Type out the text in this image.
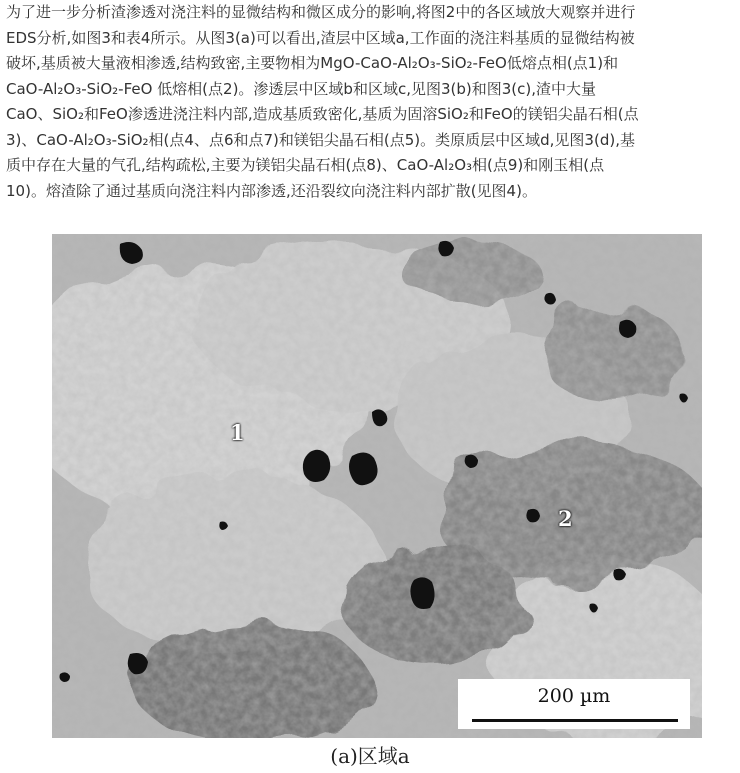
为了进一步分析渣渗透对浇注料的显微结构和微区成分的影响,将图2中的各区域放大观察并进行
EDS分析,如图3和表4所示。从图3(a)可以看出,渣层中区域a,工作面的浇注料基质的显微结构被
破坏,基质被大量液相渗透,结构致密,主要物相为MgO-CaO-Al₂O₃-SiO₂-FeO低熔点相(点1)和
CaO-Al₂O₃-SiO₂-FeO 低熔相(点2)。渗透层中区域b和区域c,见图3(b)和图3(c),渣中大量
CaO、SiO₂和FeO渗透进浇注料内部,造成基质致密化,基质为固溶SiO₂和FeO的镁铝尖晶石相(点
3)、CaO-Al₂O₃-SiO₂相(点4、点6和点7)和镁铝尖晶石相(点5)。类原质层中区域d,见图3(d),基
质中存在大量的气孔,结构疏松,主要为镁铝尖晶石相(点8)、CaO-Al₂O₃相(点9)和刚玉相(点
10)。熔渣除了通过基质向浇注料内部渗透,还沿裂纹向浇注料内部扩散(见图4)。
1
2
200 µm
(a)区域a
